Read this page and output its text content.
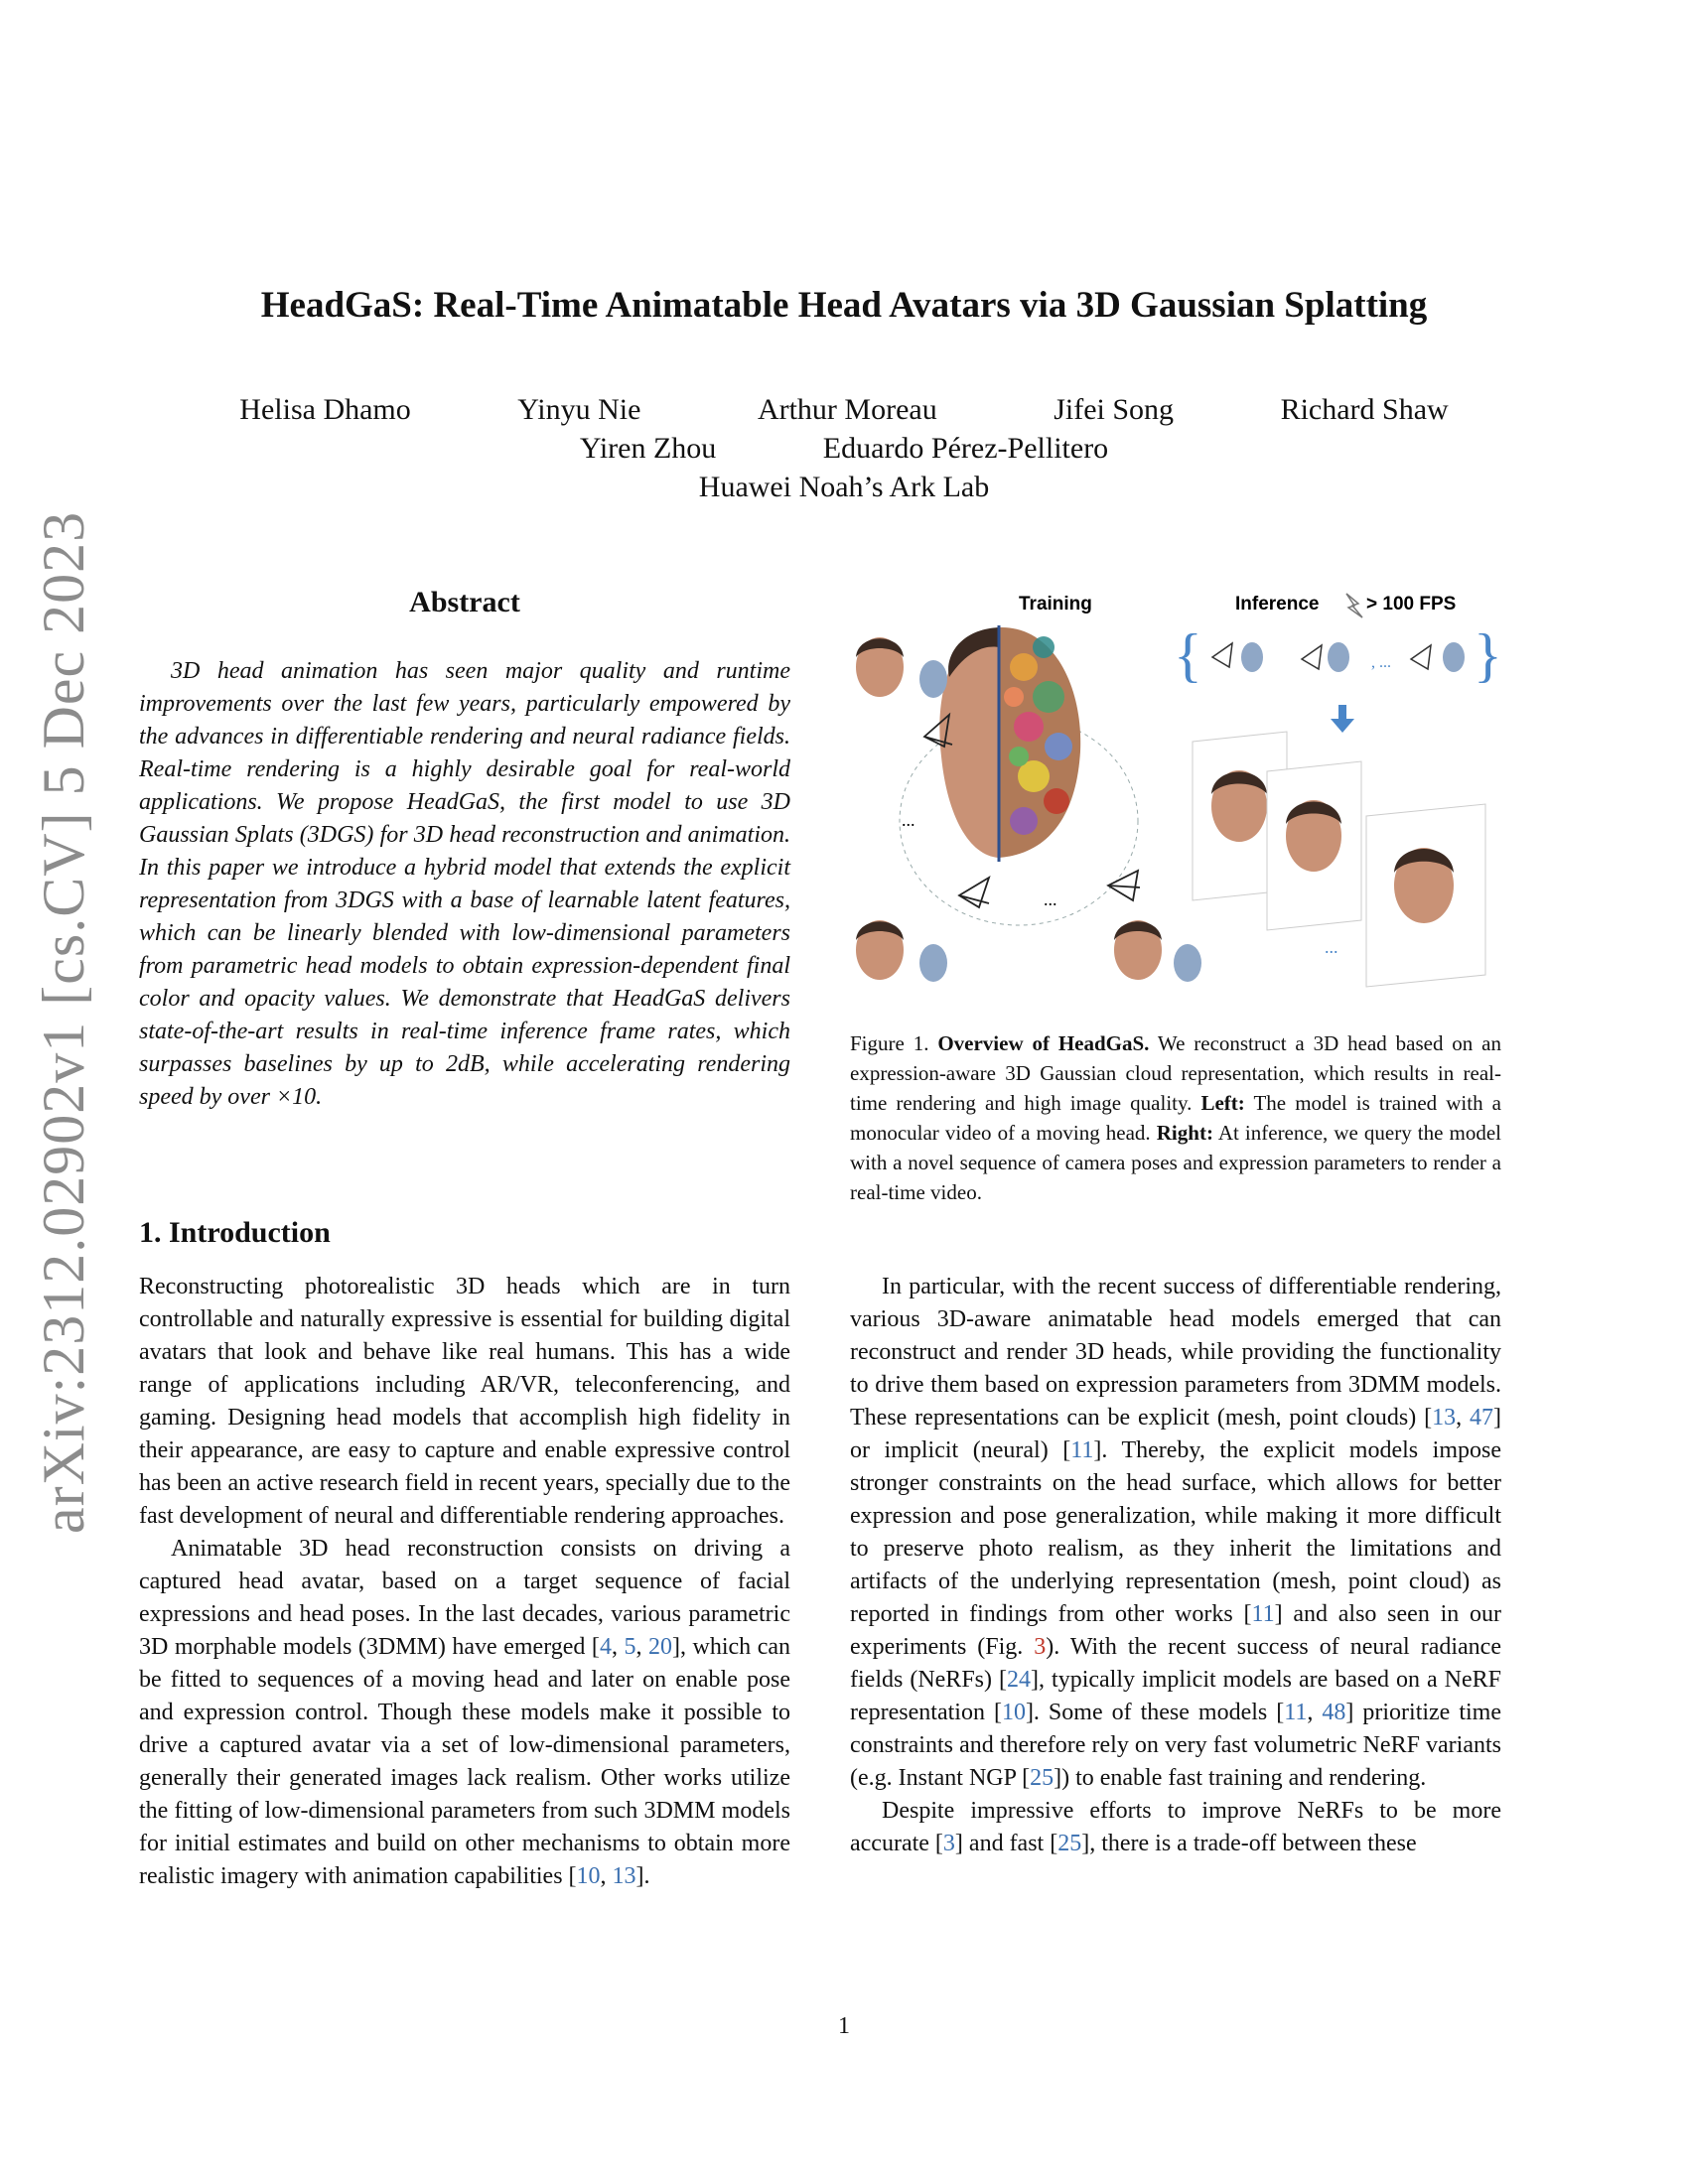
HeadGaS: Real-Time Animatable Head Avatars via 3D Gaussian Splatting
Helisa Dhamo	Yinyu Nie	Arthur Moreau	Jifei Song	Richard Shaw
Yiren Zhou	Eduardo Pérez-Pellitero
Huawei Noah’s Ark Lab
arXiv:2312.02902v1 [cs.CV] 5 Dec 2023	Abstract
3D head animation has seen major quality and runtime improvements over the last few years, particularly empowered by the advances in differentiable rendering and neural radiance fields. Real-time rendering is a highly desirable goal for real-world applications. We propose HeadGaS, the first model to use 3D Gaussian Splats (3DGS) for 3D head reconstruction and animation. In this paper we introduce a hybrid model that extends the explicit representation from 3DGS with a base of learnable latent features, which can be linearly blended with low-dimensional parameters from parametric head models to obtain expression-dependent final color and opacity values. We demonstrate that HeadGaS delivers state-of-the-art results in real-time inference frame rates, which surpasses baselines by up to 2dB, while accelerating rendering speed by over ×10.
1. Introduction

Reconstructing photorealistic 3D heads which are in turn controllable and naturally expressive is essential for building digital avatars that look and behave like real humans. This has a wide range of applications including AR/VR, teleconferencing, and gaming. Designing head models that accomplish high fidelity in their appearance, are easy to capture and enable expressive control has been an active research field in recent years, specially due to the fast development of neural and differentiable rendering approaches.

Animatable 3D head reconstruction consists on driving a captured head avatar, based on a target sequence of facial expressions and head poses. In the last decades, various parametric 3D morphable models (3DMM) have emerged [4, 5, 20], which can be fitted to sequences of a moving head and later on enable pose and expression control. Though these models make it possible to drive a captured avatar via a set of low-dimensional parameters, generally their generated images lack realism. Other works utilize the fitting of low-dimensional parameters from such 3DMM models for initial estimates and build on other mechanisms to obtain more realistic imagery with animation capabilities [10, 13].

Training	Inference	> 100 FPS
...
...
{	, ... }
...
Figure 1. Overview of HeadGaS. We reconstruct a 3D head based on an expression-aware 3D Gaussian cloud representation, which results in real-time rendering and high image quality. Left: The model is trained with a monocular video of a moving head. Right: At inference, we query the model with a novel sequence of camera poses and expression parameters to render a real-time video.

In particular, with the recent success of differentiable rendering, various 3D-aware animatable head models emerged that can reconstruct and render 3D heads, while providing the functionality to drive them based on expression parameters from 3DMM models. These representations can be explicit (mesh, point clouds) [13, 47] or implicit (neural) [11]. Thereby, the explicit models impose stronger constraints on the head surface, which allows for better expression and pose generalization, while making it more difficult to preserve photo realism, as they inherit the limitations and artifacts of the underlying representation (mesh, point cloud) as reported in findings from other works [11] and also seen in our experiments (Fig. 3). With the recent success of neural radiance fields (NeRFs) [24], typically implicit models are based on a NeRF representation [10]. Some of these models [11, 48] prioritize time constraints and therefore rely on very fast volumetric NeRF variants (e.g. Instant NGP [25]) to enable fast training and rendering.

Despite impressive efforts to improve NeRFs to be more accurate [3] and fast [25], there is a trade-off between these

1
